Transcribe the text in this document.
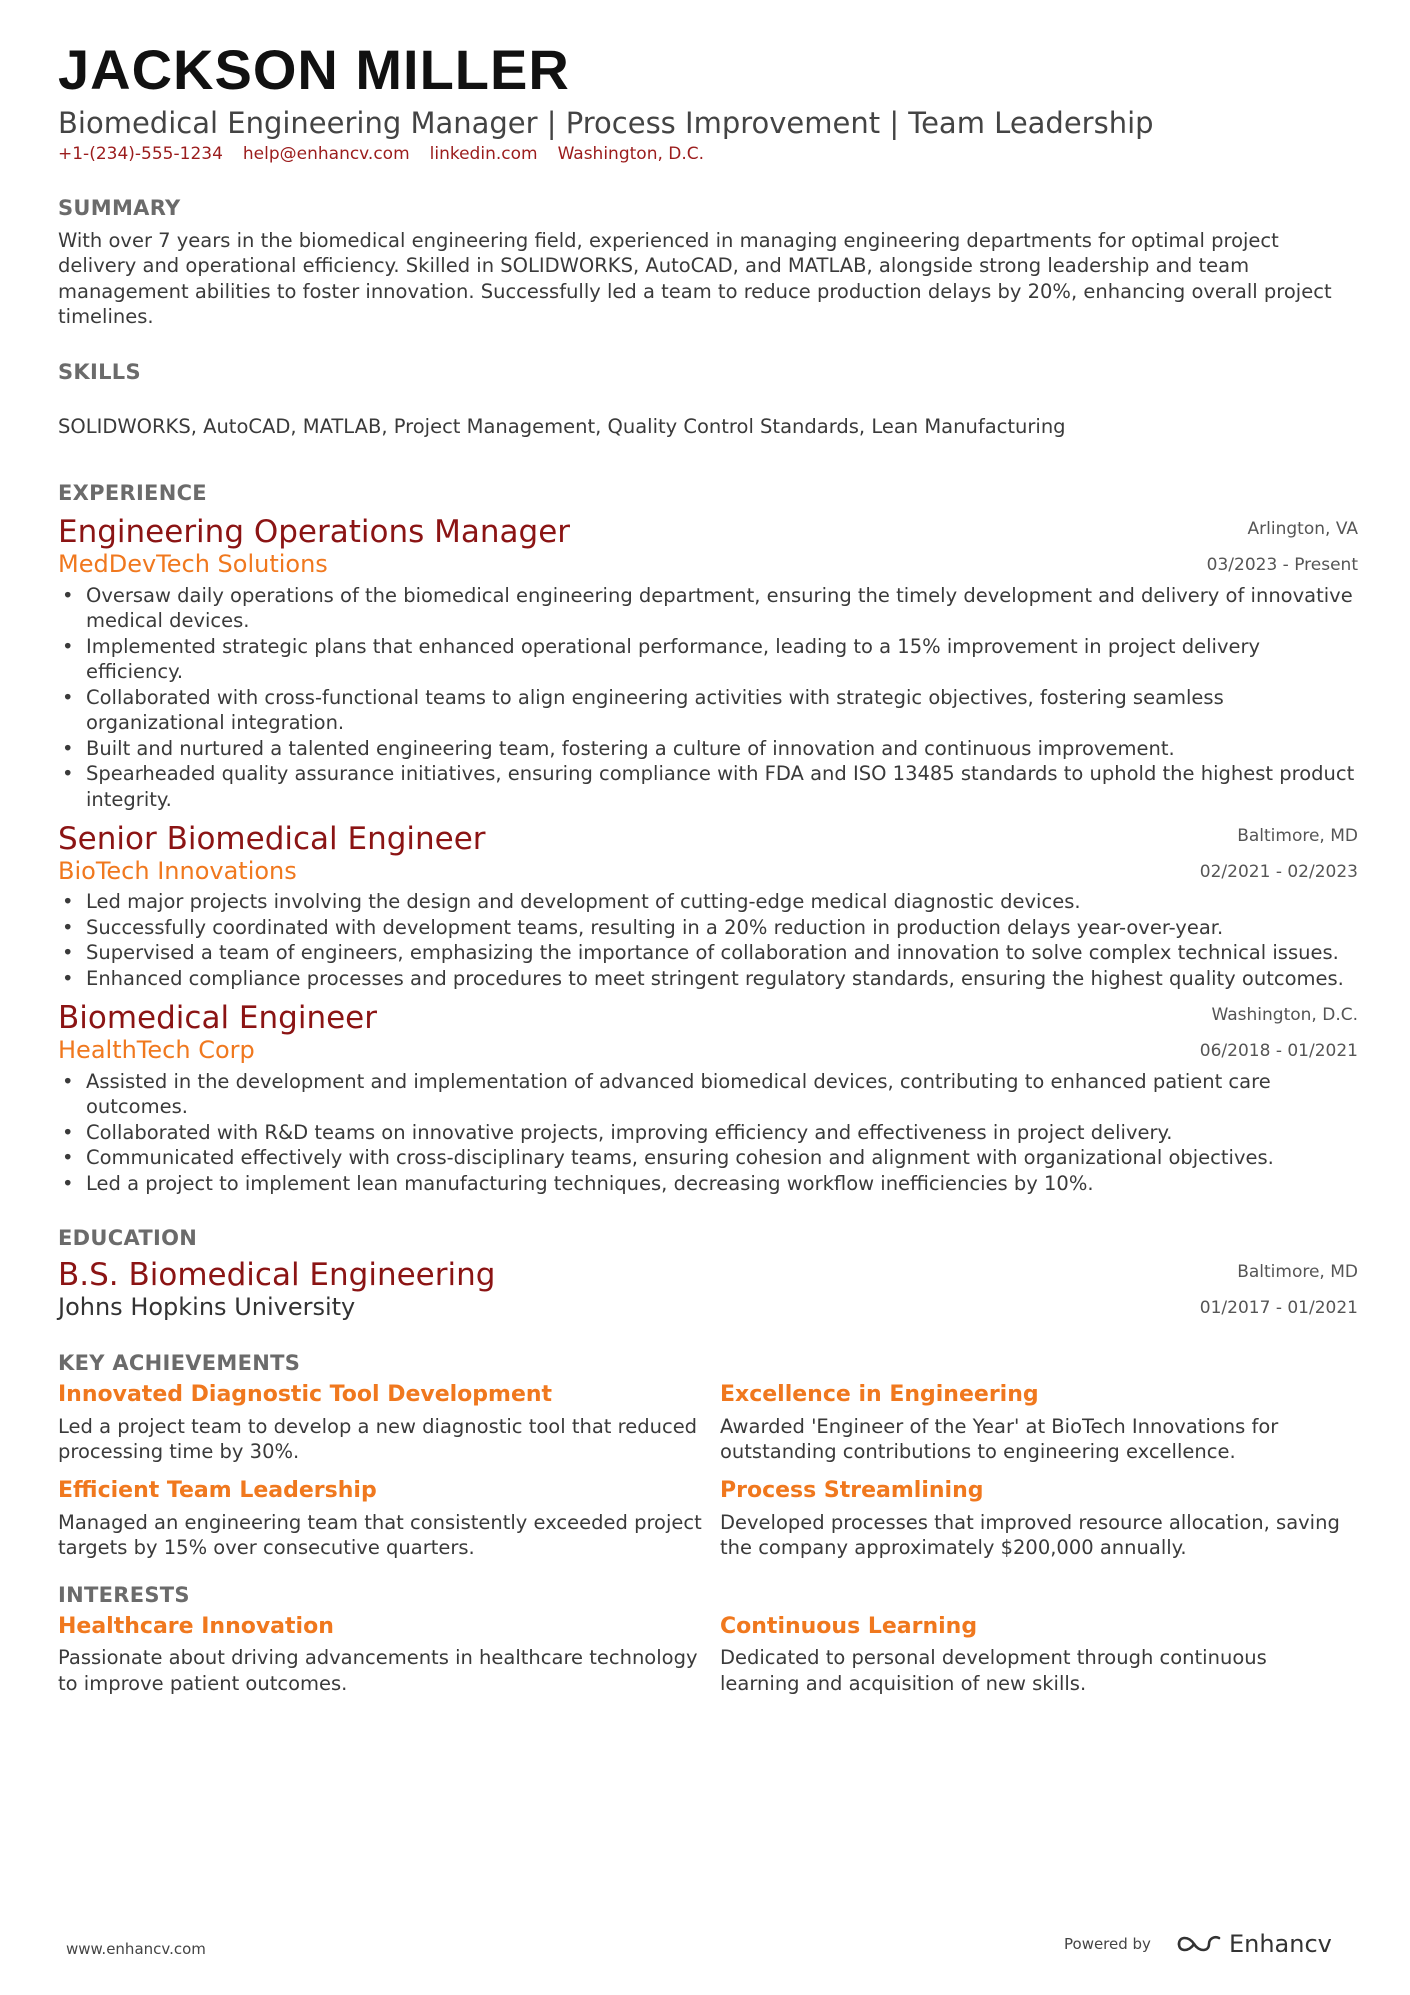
JACKSON MILLER
Biomedical Engineering Manager | Process Improvement | Team Leadership
+1-(234)-555-1234 help@enhancv.com linkedin.com Washington, D.C.
SUMMARY
With over 7 years in the biomedical engineering field, experienced in managing engineering departments for optimal project delivery and operational efficiency. Skilled in SOLIDWORKS, AutoCAD, and MATLAB, alongside strong leadership and team management abilities to foster innovation. Successfully led a team to reduce production delays by 20%, enhancing overall project timelines.
SKILLS
SOLIDWORKS, AutoCAD, MATLAB, Project Management, Quality Control Standards, Lean Manufacturing
EXPERIENCE
Engineering Operations Manager
MedDevTech Solutions
Arlington, VA
03/2023 - Present
• Oversaw daily operations of the biomedical engineering department, ensuring the timely development and delivery of innovative medical devices.
• Implemented strategic plans that enhanced operational performance, leading to a 15% improvement in project delivery efficiency.
• Collaborated with cross-functional teams to align engineering activities with strategic objectives, fostering seamless organizational integration.
• Built and nurtured a talented engineering team, fostering a culture of innovation and continuous improvement.
• Spearheaded quality assurance initiatives, ensuring compliance with FDA and ISO 13485 standards to uphold the highest product integrity.
Senior Biomedical Engineer
BioTech Innovations
Baltimore, MD
02/2021 - 02/2023
• Led major projects involving the design and development of cutting-edge medical diagnostic devices.
• Successfully coordinated with development teams, resulting in a 20% reduction in production delays year-over-year.
• Supervised a team of engineers, emphasizing the importance of collaboration and innovation to solve complex technical issues.
• Enhanced compliance processes and procedures to meet stringent regulatory standards, ensuring the highest quality outcomes.
Biomedical Engineer
HealthTech Corp
Washington, D.C.
06/2018 - 01/2021
• Assisted in the development and implementation of advanced biomedical devices, contributing to enhanced patient care outcomes.
• Collaborated with R&D teams on innovative projects, improving efficiency and effectiveness in project delivery.
• Communicated effectively with cross-disciplinary teams, ensuring cohesion and alignment with organizational objectives.
• Led a project to implement lean manufacturing techniques, decreasing workflow inefficiencies by 10%.
EDUCATION
B.S. Biomedical Engineering
Johns Hopkins University
Baltimore, MD
01/2017 - 01/2021
KEY ACHIEVEMENTS
Innovated Diagnostic Tool Development
Led a project team to develop a new diagnostic tool that reduced processing time by 30%.
Excellence in Engineering
Awarded 'Engineer of the Year' at BioTech Innovations for outstanding contributions to engineering excellence.
Efficient Team Leadership
Managed an engineering team that consistently exceeded project targets by 15% over consecutive quarters.
Process Streamlining
Developed processes that improved resource allocation, saving the company approximately $200,000 annually.
INTERESTS
Healthcare Innovation
Passionate about driving advancements in healthcare technology to improve patient outcomes.
Continuous Learning
Dedicated to personal development through continuous learning and acquisition of new skills.
www.enhancv.com	Powered by	Enhancv
